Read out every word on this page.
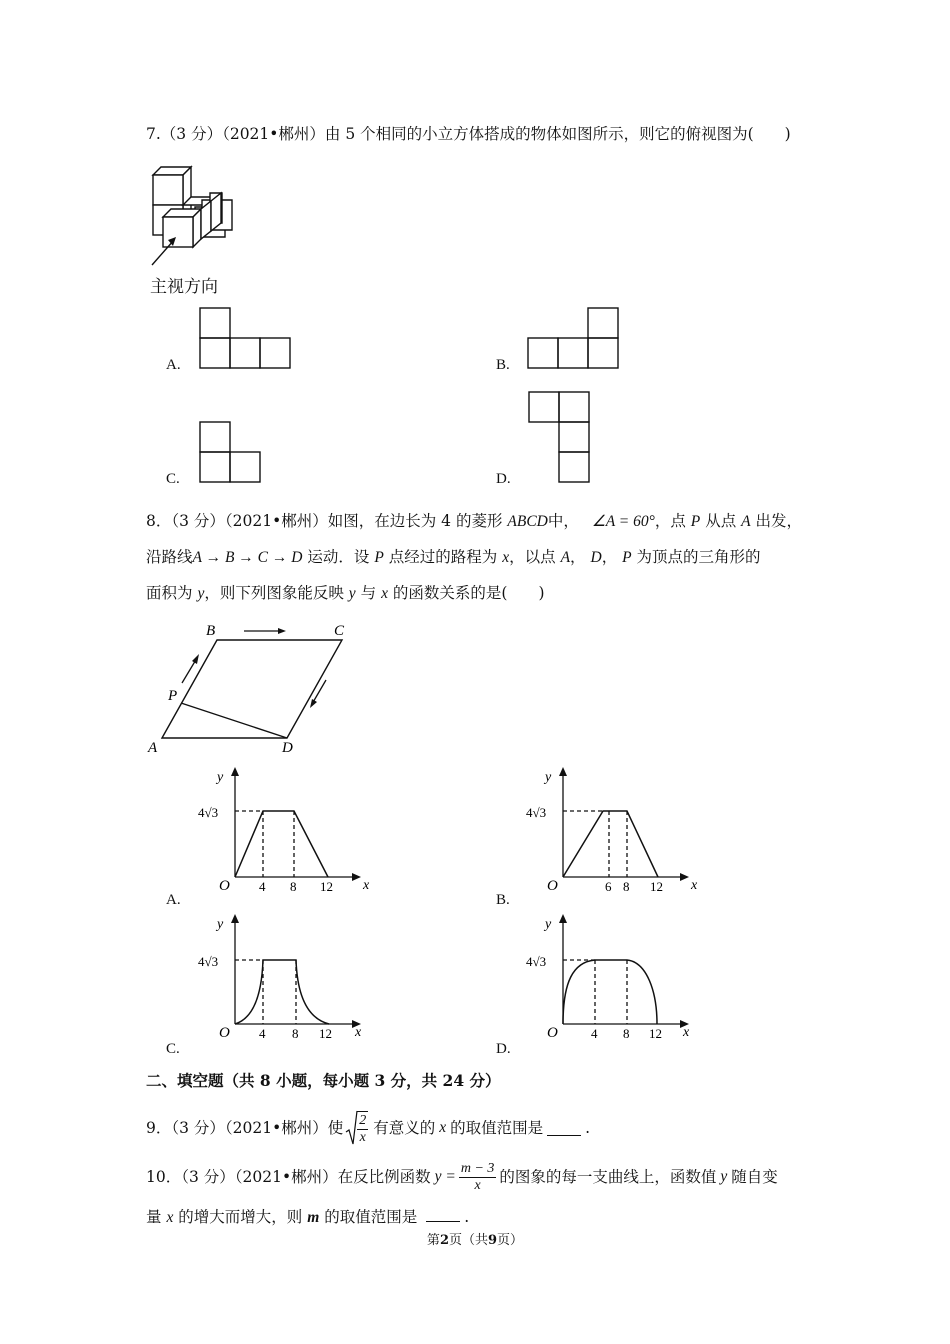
7.（3 分）（2021•郴州）由 5 个相同的小立方体搭成的物体如图所示，则它的俯视图为(　　)
主视方向
A.	B.
C.	D.
8．（3 分）（2021•郴州）如图，在边长为 4 的菱形 ABCD中， ∠A = 60°，点 P 从点 A 出发，
沿路线A → B → C → D 运动．设 P 点经过的路程为 x，以点 A， D， P 为顶点的三角形的
面积为 y，则下列图象能反映 y 与 x 的函数关系的是(　　)
B	C
P
A	D
A.
y
x
O
4√3
4 8 12
B.
y
x
O
4√3
6 8 12
C.
y
x
O
4√3
4 8 12
D.
y
x
O
4√3
4 8 12
二、填空题（共 8 小题，每小题 3 分，共 24 分）
9．（3 分）（2021•郴州）使 $\frac{2}{x}$ 有意义的 x 的取值范围是	.
10．（3 分）（2021•郴州）在反比例函数 $y = \frac{m - 3}{x}$ 的图象的每一支曲线上，函数值 y 随自变
量 x 的增大而增大，则 m 的取值范围是	.
第2页（共9页）
